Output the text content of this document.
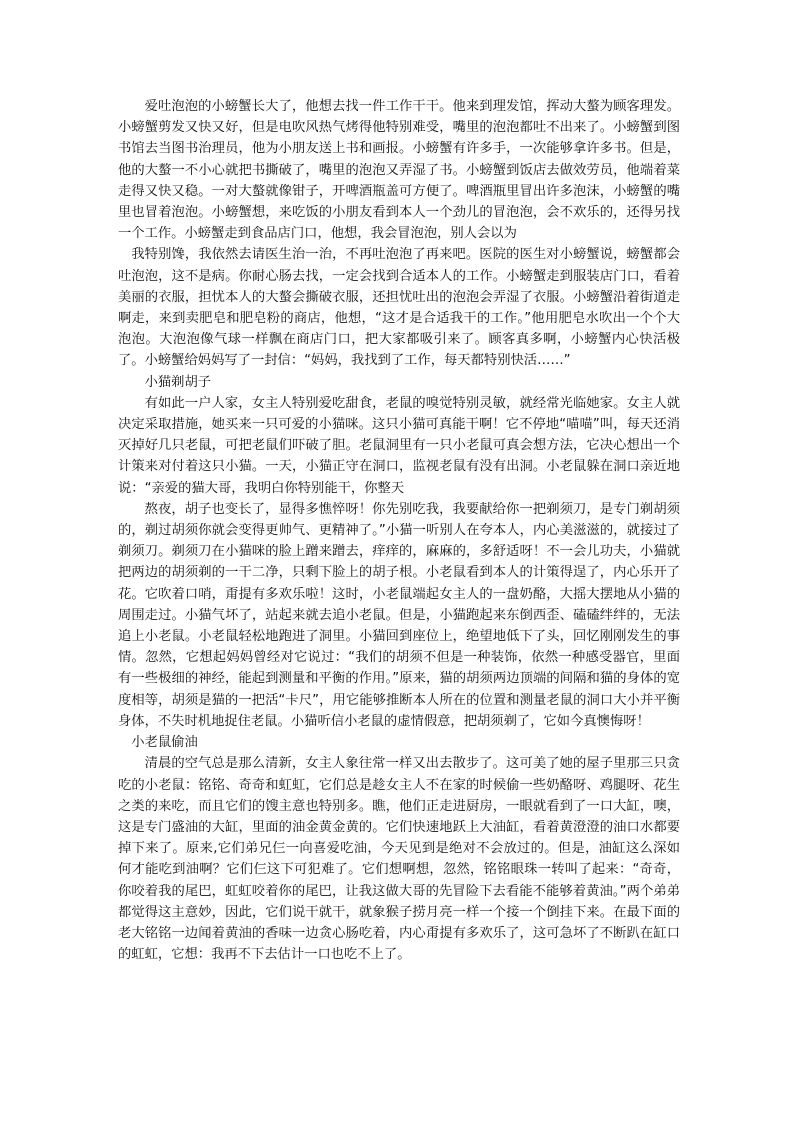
爱吐泡泡的小螃蟹长大了，他想去找一件工作干干。他来到理发馆，挥动大螯为顾客理发。小螃蟹剪发又快又好，但是电吹风热气烤得他特别难受，嘴里的泡泡都吐不出来了。小螃蟹到图书馆去当图书治理员，他为小朋友送上书和画报。小螃蟹有许多手，一次能够拿许多书。但是，他的大螯一不小心就把书撕破了，嘴里的泡泡又弄湿了书。小螃蟹到饭店去做效劳员，他端着菜走得又快又稳。一对大螯就像钳子，开啤酒瓶盖可方便了。啤酒瓶里冒出许多泡沫，小螃蟹的嘴里也冒着泡泡。小螃蟹想，来吃饭的小朋友看到本人一个劲儿的冒泡泡，会不欢乐的，还得另找一个工作。小螃蟹走到食品店门口，他想，我会冒泡泡，别人会以为

我特别馋，我依然去请医生治一治，不再吐泡泡了再来吧。医院的医生对小螃蟹说，螃蟹都会吐泡泡，这不是病。你耐心肠去找，一定会找到合适本人的工作。小螃蟹走到服装店门口，看着美丽的衣服，担忧本人的大螯会撕破衣服，还担忧吐出的泡泡会弄湿了衣服。小螃蟹沿着街道走啊走，来到卖肥皂和肥皂粉的商店，他想，“这才是合适我干的工作。”他用肥皂水吹出一个个大泡泡。大泡泡像气球一样飘在商店门口，把大家都吸引来了。顾客真多啊，小螃蟹内心快活极了。小螃蟹给妈妈写了一封信：“妈妈，我找到了工作，每天都特别快活……”

小猫剃胡子

有如此一户人家，女主人特别爱吃甜食，老鼠的嗅觉特别灵敏，就经常光临她家。女主人就决定采取措施，她买来一只可爱的小猫咪。这只小猫可真能干啊！它不停地“喵喵”叫，每天还消灭掉好几只老鼠，可把老鼠们吓破了胆。老鼠洞里有一只小老鼠可真会想方法，它决心想出一个计策来对付着这只小猫。一天，小猫正守在洞口，监视老鼠有没有出洞。小老鼠躲在洞口亲近地说：“亲爱的猫大哥，我明白你特别能干，你整天

熬夜，胡子也变长了，显得多憔悴呀！你先别吃我，我要献给你一把剃须刀，是专门剃胡须的，剃过胡须你就会变得更帅气、更精神了。”小猫一听别人在夸本人，内心美滋滋的，就接过了剃须刀。剃须刀在小猫咪的脸上蹭来蹭去，痒痒的，麻麻的，多舒适呀！不一会儿功夫，小猫就把两边的胡须剃的一干二净，只剩下脸上的胡子根。小老鼠看到本人的计策得逞了，内心乐开了花。它吹着口哨，甭提有多欢乐啦！这时，小老鼠端起女主人的一盘奶酪，大摇大摆地从小猫的周围走过。小猫气坏了，站起来就去追小老鼠。但是，小猫跑起来东倒西歪、磕磕绊绊的，无法追上小老鼠。小老鼠轻松地跑进了洞里。小猫回到座位上，绝望地低下了头，回忆刚刚发生的事情。忽然，它想起妈妈曾经对它说过：“我们的胡须不但是一种装饰，依然一种感受器官，里面有一些极细的神经，能起到测量和平衡的作用。”原来，猫的胡须两边顶端的间隔和猫的身体的宽度相等，胡须是猫的一把活“卡尺”，用它能够推断本人所在的位置和测量老鼠的洞口大小并平衡身体，不失时机地捉住老鼠。小猫听信小老鼠的虚情假意，把胡须剃了，它如今真懊悔呀！

小老鼠偷油

清晨的空气总是那么清新，女主人象往常一样又出去散步了。这可美了她的屋子里那三只贪吃的小老鼠：铭铭、奇奇和虹虹，它们总是趁女主人不在家的时候偷一些奶酪呀、鸡腿呀、花生之类的来吃，而且它们的馊主意也特别多。瞧，他们正走进厨房，一眼就看到了一口大缸，噢，这是专门盛油的大缸，里面的油金黄金黄的。它们快速地跃上大油缸，看着黄澄澄的油口水都要掉下来了。原来,它们弟兄仨一向喜爱吃油，今天见到是绝对不会放过的。但是，油缸这么深如何才能吃到油啊？它们仨这下可犯难了。它们想啊想，忽然，铭铭眼珠一转叫了起来：“奇奇，你咬着我的尾巴，虹虹咬着你的尾巴，让我这做大哥的先冒险下去看能不能够着黄油。”两个弟弟都觉得这主意妙，因此，它们说干就干，就象猴子捞月亮一样一个接一个倒挂下来。在最下面的老大铭铭一边闻着黄油的香味一边贪心肠吃着，内心甭提有多欢乐了，这可急坏了不断趴在缸口的虹虹，它想：我再不下去估计一口也吃不上了。
